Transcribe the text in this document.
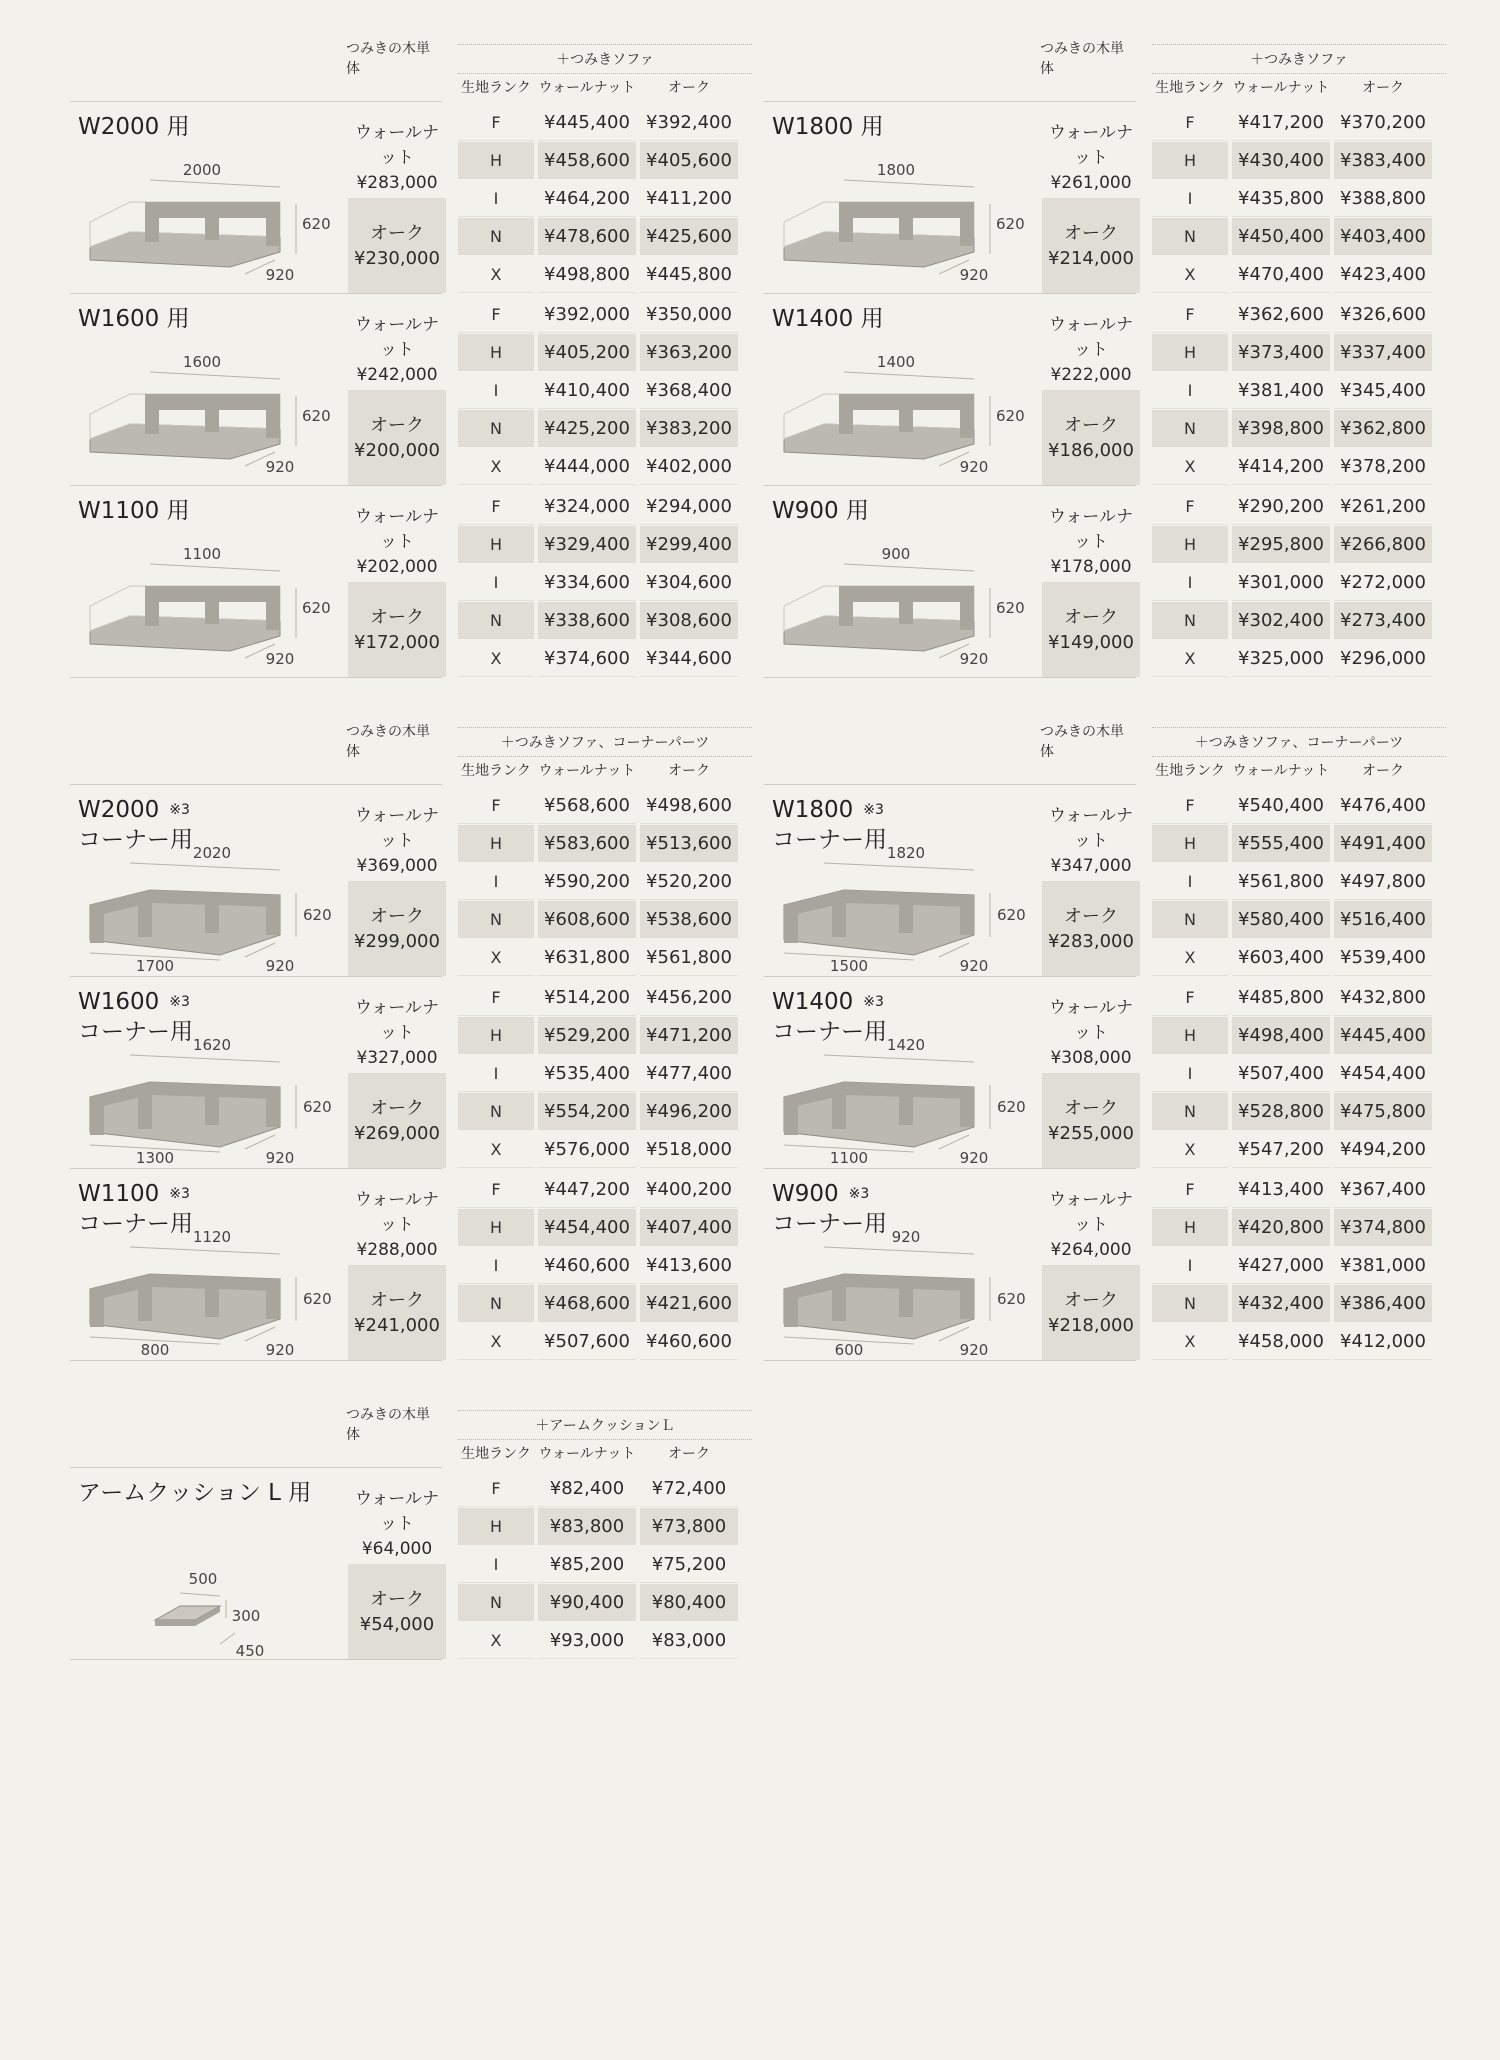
つみきの木単体
＋つみきソファ
生地ランク ウォールナット	オーク
W2000 用
2000
620
920
ウォールナット
¥283,000
オーク
¥230,000
F	¥445,400 ¥392,400
H	¥458,600 ¥405,600
I	¥464,200 ¥411,200
N	¥478,600 ¥425,600
X	¥498,800 ¥445,800
W1600 用
1600
620
920
ウォールナット
¥242,000
オーク
¥200,000
F	¥392,000 ¥350,000
H	¥405,200 ¥363,200
I	¥410,400 ¥368,400
N	¥425,200 ¥383,200
X	¥444,000 ¥402,000
W1100 用
1100
620
920
ウォールナット
¥202,000
オーク
¥172,000
F	¥324,000 ¥294,000
H	¥329,400 ¥299,400
I	¥334,600 ¥304,600
N	¥338,600 ¥308,600
X	¥374,600 ¥344,600
つみきの木単体
＋つみきソファ
生地ランク ウォールナット	オーク
W1800 用
1800
620
920
ウォールナット
¥261,000
オーク
¥214,000
F	¥417,200 ¥370,200
H	¥430,400 ¥383,400
I	¥435,800 ¥388,800
N	¥450,400 ¥403,400
X	¥470,400 ¥423,400
W1400 用
1400
620
920
ウォールナット
¥222,000
オーク
¥186,000
F	¥362,600 ¥326,600
H	¥373,400 ¥337,400
I	¥381,400 ¥345,400
N	¥398,800 ¥362,800
X	¥414,200 ¥378,200
W900 用
900
620
920
ウォールナット
¥178,000
オーク
¥149,000
F	¥290,200 ¥261,200
H	¥295,800 ¥266,800
I	¥301,000 ¥272,000
N	¥302,400 ¥273,400
X	¥325,000 ¥296,000
つみきの木単体
＋つみきソファ、コーナーパーツ
生地ランク ウォールナット	オーク
W2000 ※3
コーナー用 2020
620
1700	920
ウォールナット
¥369,000
オーク
¥299,000
F	¥568,600 ¥498,600
H	¥583,600 ¥513,600
I	¥590,200 ¥520,200
N	¥608,600 ¥538,600
X	¥631,800 ¥561,800
W1600 ※3
コーナー用 1620
620
1300	920
ウォールナット
¥327,000
オーク
¥269,000
F	¥514,200 ¥456,200
H	¥529,200 ¥471,200
I	¥535,400 ¥477,400
N	¥554,200 ¥496,200
X	¥576,000 ¥518,000
W1100 ※3
コーナー用 1120
620
800	920
ウォールナット
¥288,000
オーク
¥241,000
F	¥447,200 ¥400,200
H	¥454,400 ¥407,400
I	¥460,600 ¥413,600
N	¥468,600 ¥421,600
X	¥507,600 ¥460,600
つみきの木単体
＋つみきソファ、コーナーパーツ
生地ランク ウォールナット	オーク
W1800 ※3
コーナー用 1820
620
1500	920
ウォールナット
¥347,000
オーク
¥283,000
F	¥540,400 ¥476,400
H	¥555,400 ¥491,400
I	¥561,800 ¥497,800
N	¥580,400 ¥516,400
X	¥603,400 ¥539,400
W1400 ※3
コーナー用 1420
620
1100	920
ウォールナット
¥308,000
オーク
¥255,000
F	¥485,800 ¥432,800
H	¥498,400 ¥445,400
I	¥507,400 ¥454,400
N	¥528,800 ¥475,800
X	¥547,200 ¥494,200
W900 ※3
コーナー用 920
620
600	920
ウォールナット
¥264,000
オーク
¥218,000
F	¥413,400 ¥367,400
H	¥420,800 ¥374,800
I	¥427,000 ¥381,000
N	¥432,400 ¥386,400
X	¥458,000 ¥412,000
つみきの木単体
＋アームクッションＬ
生地ランク ウォールナット	オーク
アームクッション L 用
500
300
450
ウォールナット
¥64,000
オーク
¥54,000
F	¥82,400	¥72,400
H	¥83,800	¥73,800
I	¥85,200	¥75,200
N	¥90,400	¥80,400
X	¥93,000	¥83,000
